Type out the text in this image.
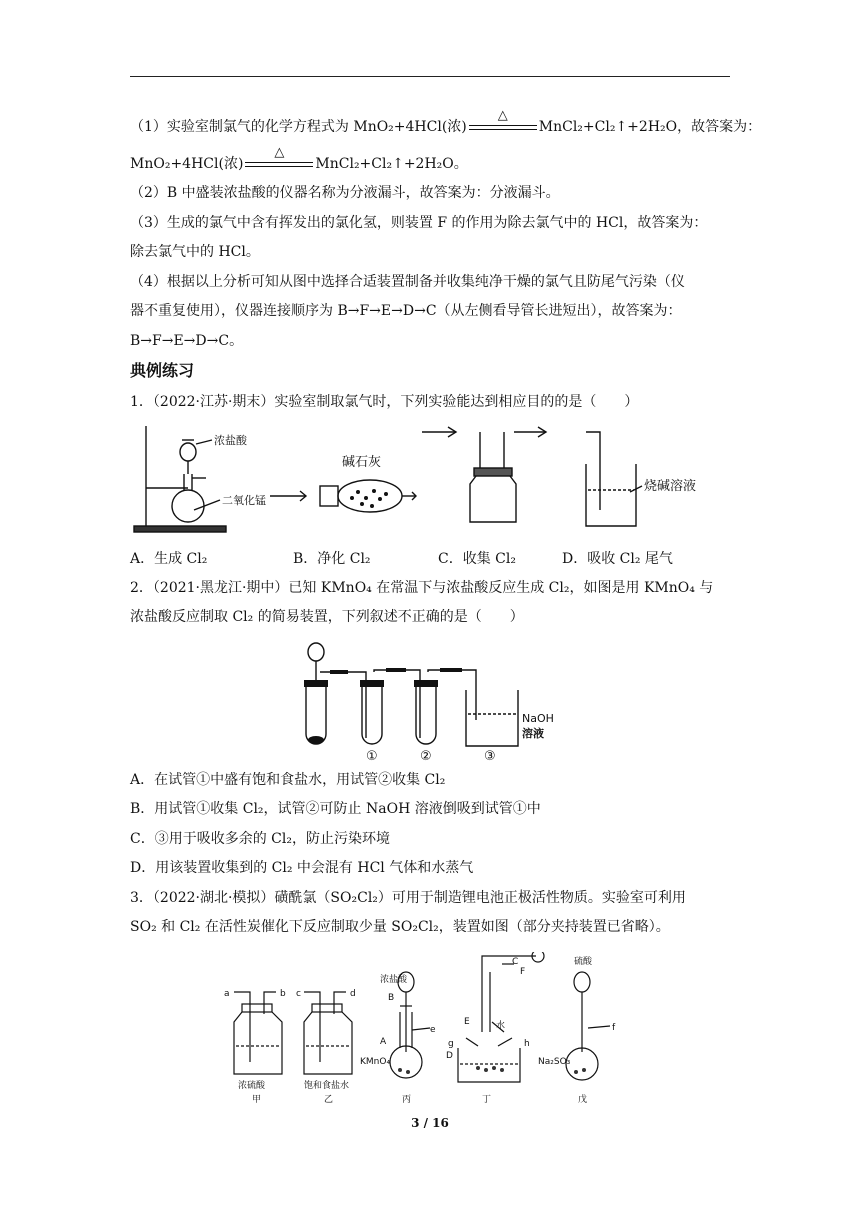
（1）实验室制氯气的化学方程式为 MnO₂+4HCl(浓)
△
MnCl₂+Cl₂↑+2H₂O，故答案为：
MnO₂+4HCl(浓)
△
MnCl₂+Cl₂↑+2H₂O。
（2）B 中盛装浓盐酸的仪器名称为分液漏斗，故答案为：分液漏斗。
（3）生成的氯气中含有挥发出的氯化氢，则装置 F 的作用为除去氯气中的 HCl，故答案为：
除去氯气中的 HCl。
（4）根据以上分析可知从图中选择合适装置制备并收集纯净干燥的氯气且防尾气污染（仪
器不重复使用），仪器连接顺序为 B→F→E→D→C（从左侧看导管长进短出），故答案为：
B→F→E→D→C。
典例练习
1．（2022·江苏·期末）实验室制取氯气时，下列实验能达到相应目的的是（　　）
浓盐酸
二氧化锰
碱石灰
烧碱溶液
A．生成 Cl₂	B．净化 Cl₂	C．收集 Cl₂	D．吸收 Cl₂ 尾气
2．（2021·黑龙江·期中）已知 KMnO₄ 在常温下与浓盐酸反应生成 Cl₂，如图是用 KMnO₄ 与
浓盐酸反应制取 Cl₂ 的简易装置，下列叙述不正确的是（　　）
①	②	③
NaOH
溶液
A．在试管①中盛有饱和食盐水，用试管②收集 Cl₂
B．用试管①收集 Cl₂，试管②可防止 NaOH 溶液倒吸到试管①中
C．③用于吸收多余的 Cl₂，防止污染环境
D．用该装置收集到的 Cl₂ 中会混有 HCl 气体和水蒸气
3．（2022·湖北·模拟）磺酰氯（SO₂Cl₂）可用于制造锂电池正极活性物质。实验室可利用
SO₂ 和 Cl₂ 在活性炭催化下反应制取少量 SO₂Cl₂，装置如图（部分夹持装置已省略）。
a	b c	d
e	f
g	h
B
A
C
D
E
F
浓盐酸
KMnO₄
硫酸
Na₂SO₃
水
浓硫酸	饱和食盐水
甲	乙	丙	丁	戊
3 / 16
